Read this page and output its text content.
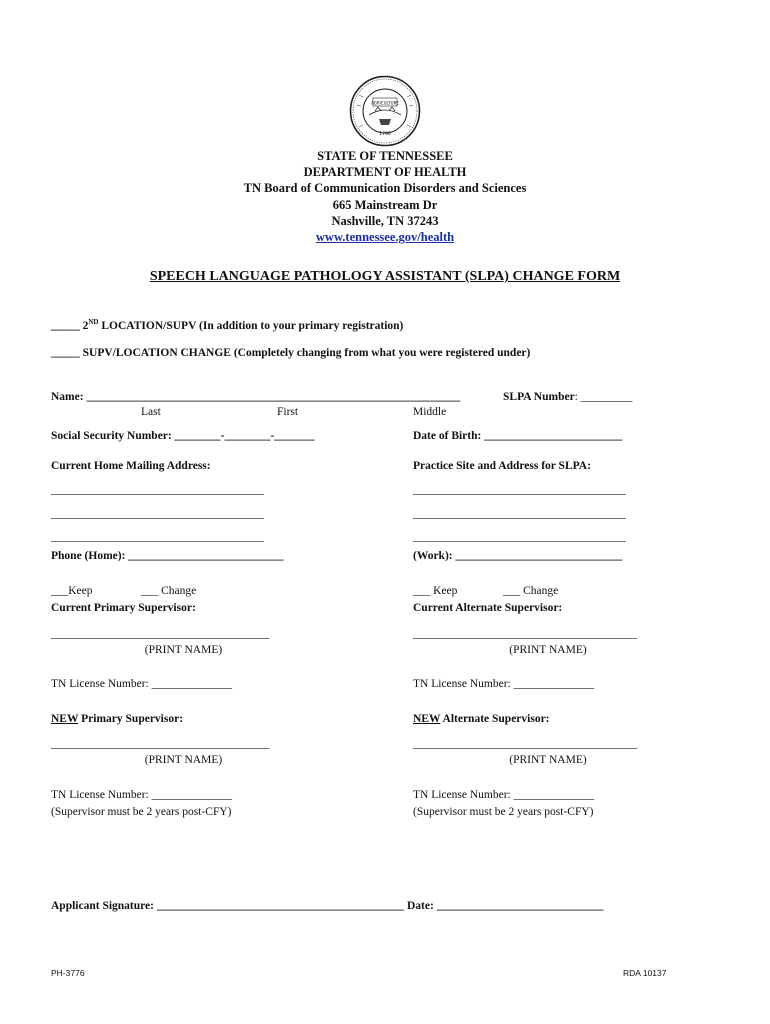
AGRICULTURE
1796
STATE OF TENNESSEE
DEPARTMENT OF HEALTH
TN Board of Communication Disorders and Sciences
665 Mainstream Dr
Nashville, TN 37243
www.tennessee.gov/health
SPEECH LANGUAGE PATHOLOGY ASSISTANT (SLPA) CHANGE FORM
_____ 2ND LOCATION/SUPV (In addition to your primary registration)
_____ SUPV/LOCATION CHANGE (Completely changing from what you were registered under)
Name: _________________________________________________________________
Last	First	Middle
SLPA Number: _________
Social Security Number: ________-________-_______	Date of Birth: ________________________
Current Home Mailing Address:
_____________________________________
_____________________________________
_____________________________________
Practice Site and Address for SLPA:
_____________________________________
_____________________________________
_____________________________________
Phone (Home): ___________________________	(Work): _____________________________
___Keep	___ Change
Current Primary Supervisor:
______________________________________
(PRINT NAME)
TN License Number: ______________
___ Keep	___ Change
Current Alternate Supervisor:
_______________________________________
(PRINT NAME)
TN License Number: ______________
NEW Primary Supervisor:
______________________________________
(PRINT NAME)
TN License Number: ______________
(Supervisor must be 2 years post-CFY)
NEW Alternate Supervisor:
_______________________________________
(PRINT NAME)
TN License Number: ______________
(Supervisor must be 2 years post-CFY)
Applicant Signature: ___________________________________________ Date: _____________________________
PH-3776	RDA 10137
